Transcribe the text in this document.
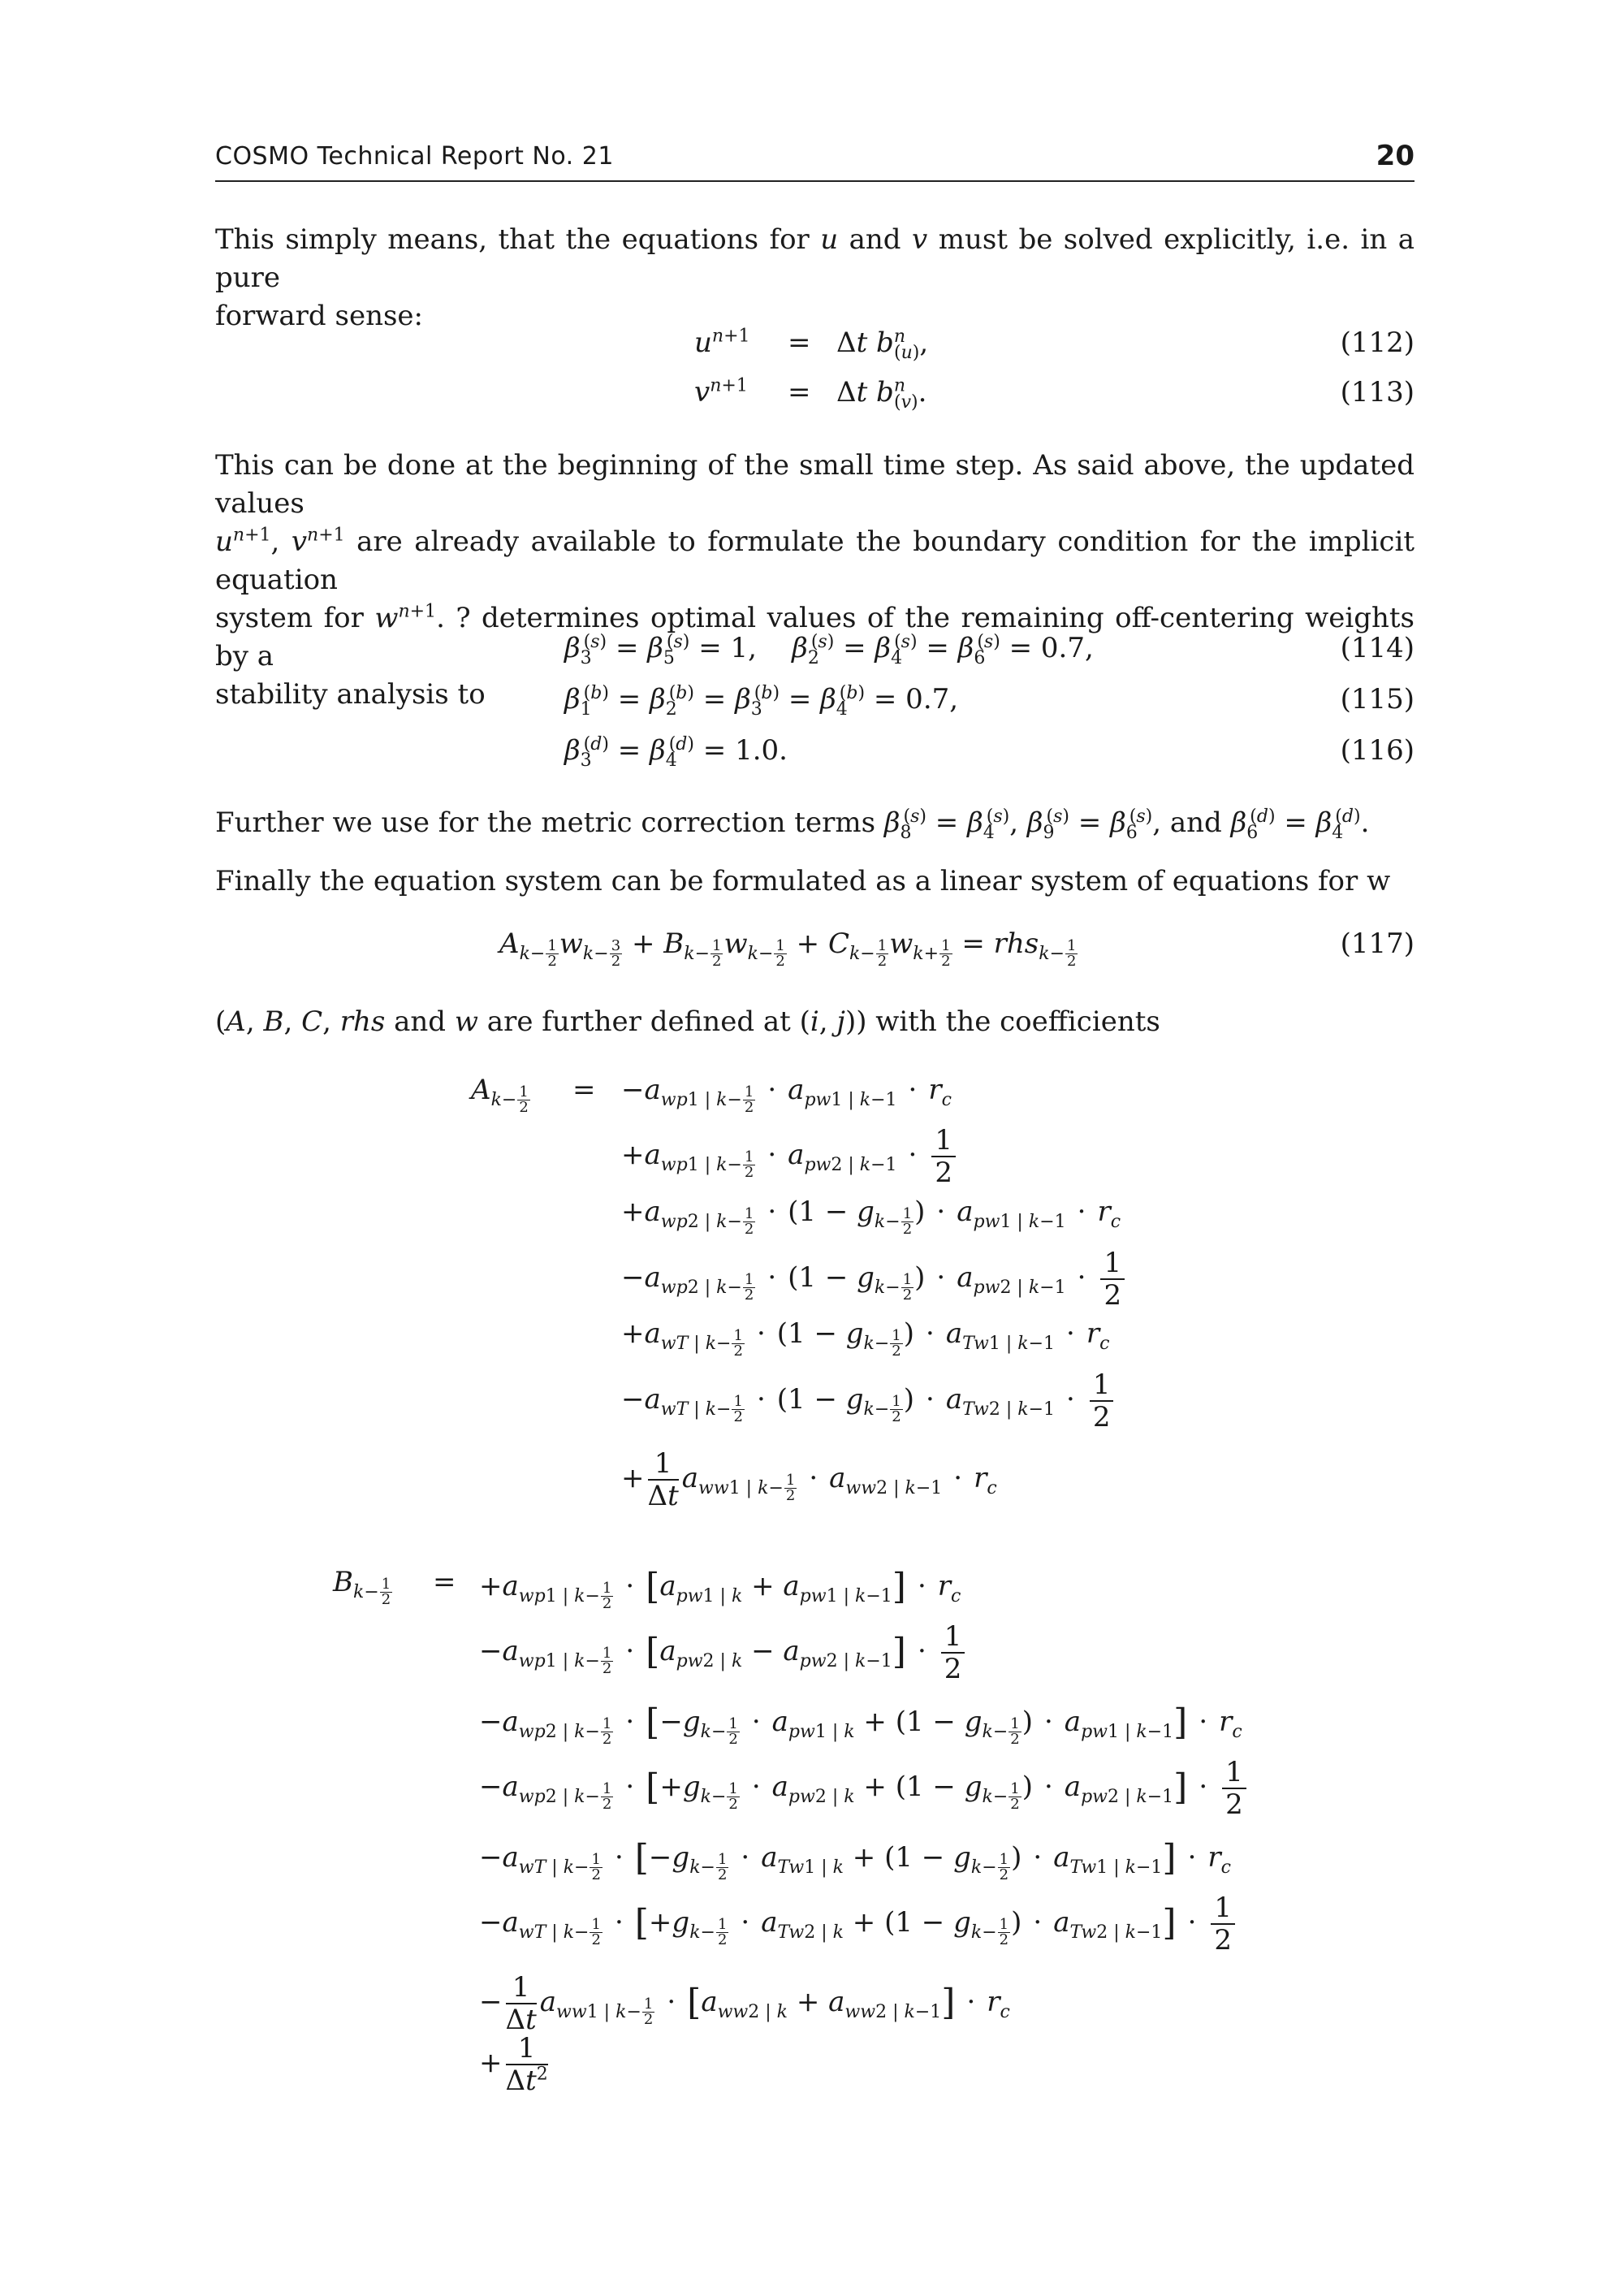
COSMO Technical Report No. 21	20
This simply means, that the equations for u and v must be solved explicitly, i.e. in a pure
forward sense:
$u^{n+1} = \Delta t$ $b^n_{(u)}$,	(112)
$v^{n+1} = \Delta t$ $b^n_{(v)}$.	(113)
This can be done at the beginning of the small time step. As said above, the updated values
$u^{n+1}$, $v^{n+1}$ are already available to formulate the boundary condition for the implicit equation
system for $w^{n+1}$. ? determines optimal values of the remaining off-centering weights by a
stability analysis to
$\beta_3^{(s)} = \beta_5^{(s)} = 1$,    $\beta_2^{(s)} = \beta_4^{(s)} = \beta_6^{(s)} = 0.7$,	(114)
$\beta_1^{(b)} = \beta_2^{(b)} = \beta_3^{(b)} = \beta_4^{(b)} = 0.7$,	(115)
$\beta_3^{(d)} = \beta_4^{(d)} = 1.0$.	(116)
Further we use for the metric correction terms $\beta_8^{(s)} = \beta_4^{(s)}$, $\beta_9^{(s)} = \beta_6^{(s)}$, and $\beta_6^{(d)} = \beta_4^{(d)}$.
Finally the equation system can be formulated as a linear system of equations for w
$A_{k- \frac{1}{2}}$ $w_{k- \frac{3}{2}} + B_{k- \frac{1}{2}}$ $w_{k- \frac{1}{2}} + C_{k- \frac{1}{2}}$ $w_{k+ \frac{1}{2}} = rhs_{k- \frac{1}{2}}$	(117)
(A, B, C, rhs and w are further defined at (i, j)) with the coefficients
$A_{k- \frac{1}{2}} = -a_{wp1 | k- \frac{1}{2}} \cdot a_{pw1 | k-1} \cdot r_c$
$+a_{wp1 | k- \frac{1}{2}} \cdot a_{pw2 | k-1} \cdot \frac{1}{2}$
$+a_{wp2 | k- \frac{1}{2}} \cdot (1 - g_{k- \frac{1}{2}}$ ) · $a_{pw1 | k-1} \cdot r_c$
$-a_{wp2 | k- \frac{1}{2}} \cdot (1 - g_{k- \frac{1}{2}}$ ) · $a_{pw2 | k-1} \cdot \frac{1}{2}$
$+a_{wT | k- \frac{1}{2}} \cdot (1 - g_{k- \frac{1}{2}}$ ) · $a_{Tw1 | k-1} \cdot r_c$
$-a_{wT | k- \frac{1}{2}} \cdot (1 - g_{k- \frac{1}{2}}$ ) · $a_{Tw2 | k-1} \cdot \frac{1}{2}$
+ $\frac{1}{\Delta t} a_{ww1 | k- \frac{1}{2}} \cdot a_{ww2 | k-1} \cdot r_c$
$B_{k- \frac{1}{2}} = +a_{wp1 | k- \frac{1}{2}} \cdot [a_{pw1 | k} + a_{pw1 | k-1}] \cdot r_c$
$-a_{wp1 | k- \frac{1}{2}} \cdot [a_{pw2 | k} - a_{pw2 | k-1}] \cdot \frac{1}{2}$
$-a_{wp2 | k- \frac{1}{2}} \cdot [-g_{k- \frac{1}{2}} \cdot a_{pw1 | k} + (1 - g_{k- \frac{1}{2}}$ ) · $a_{pw1 | k-1}] \cdot r_c$
$-a_{wp2 | k- \frac{1}{2}} \cdot [+g_{k- \frac{1}{2}} \cdot a_{pw2 | k} + (1 - g_{k- \frac{1}{2}}$ ) · $a_{pw2 | k-1}] \cdot \frac{1}{2}$
$-a_{wT | k- \frac{1}{2}} \cdot [-g_{k- \frac{1}{2}} \cdot a_{Tw1 | k} + (1 - g_{k- \frac{1}{2}}$ ) · $a_{Tw1 | k-1}] \cdot r_c$
$-a_{wT | k- \frac{1}{2}} \cdot [+g_{k- \frac{1}{2}} \cdot a_{Tw2 | k} + (1 - g_{k- \frac{1}{2}}$ ) · $a_{Tw2 | k-1}] \cdot \frac{1}{2}$
− $\frac{1}{\Delta t} a_{ww1 | k- \frac{1}{2}} \cdot [a_{ww2 | k} + a_{ww2 | k-1}] \cdot r_c$
+ $\frac{1}{\Delta t^2}$
